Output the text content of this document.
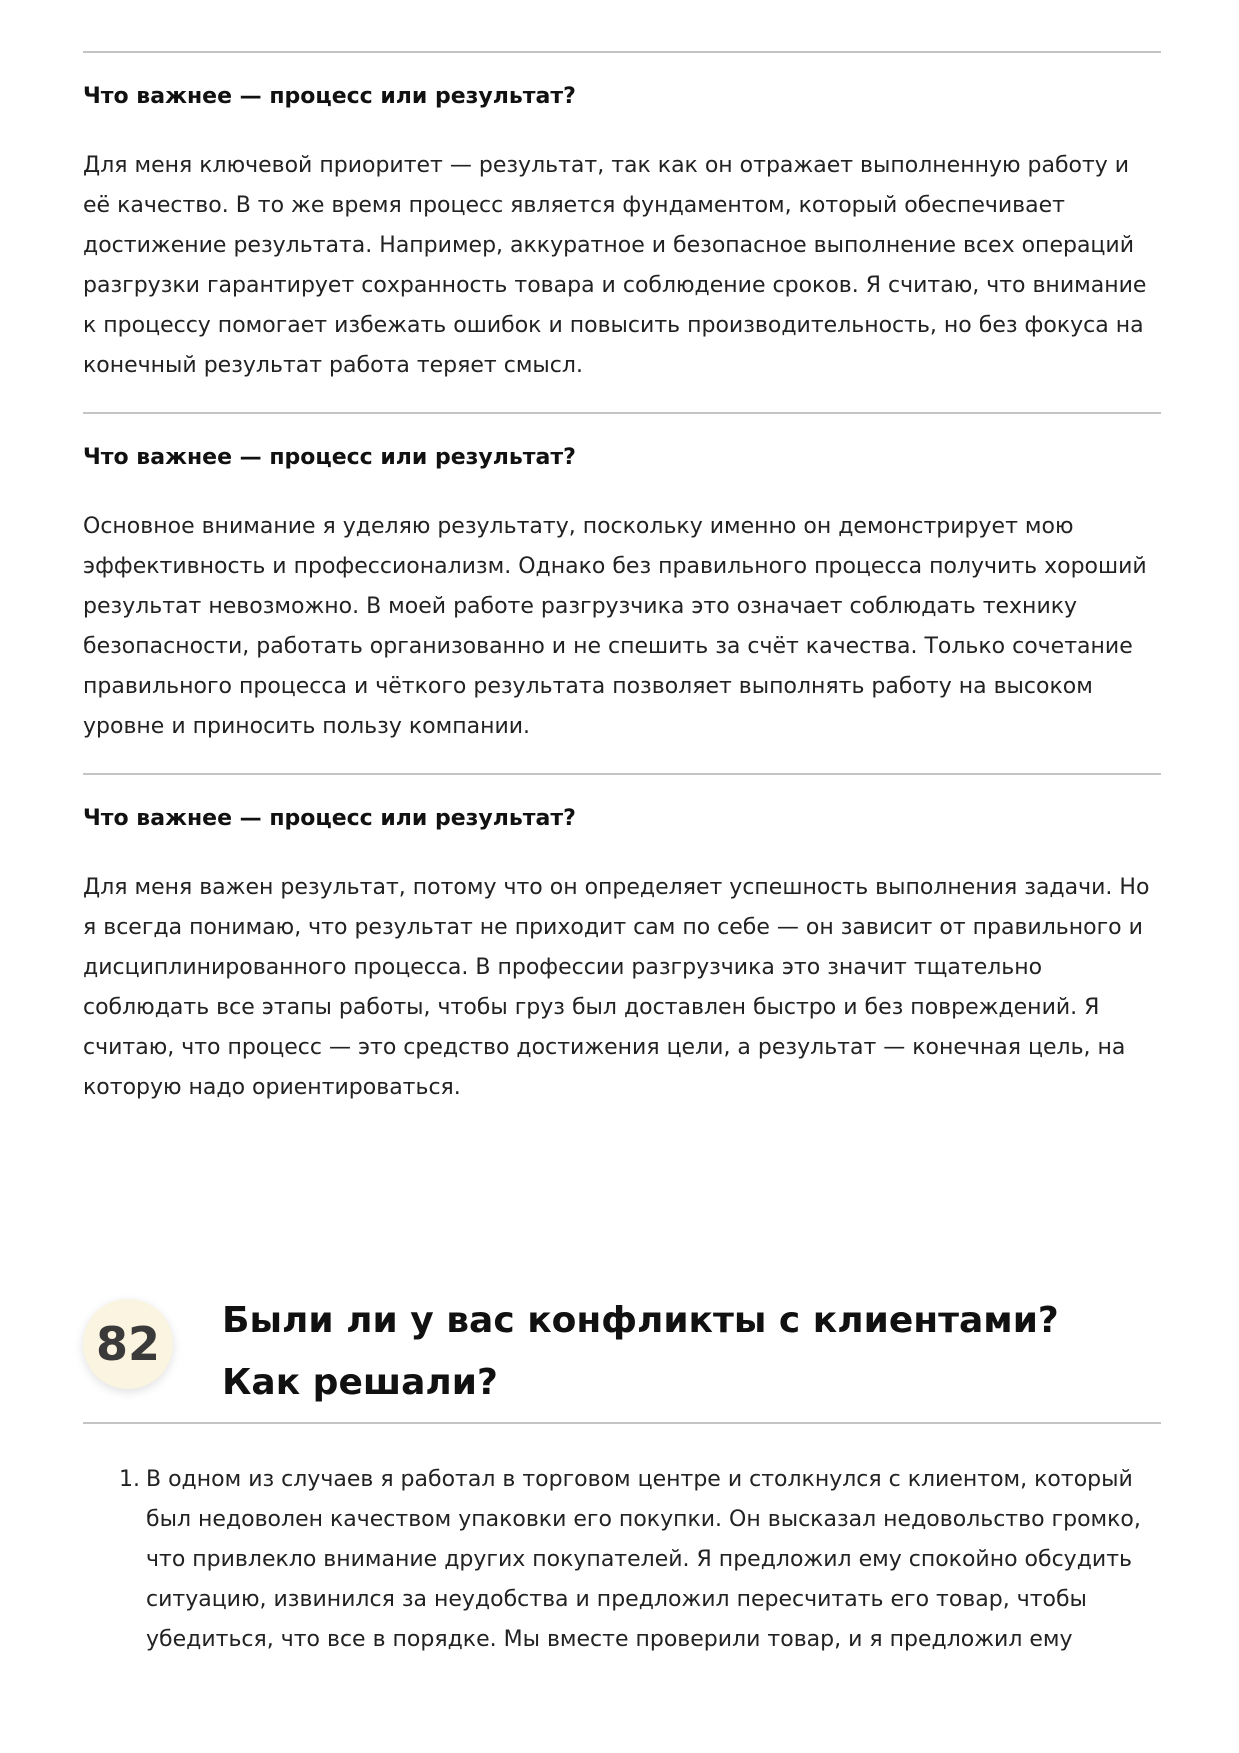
Что важнее — процесс или результат?

Для меня ключевой приоритет — результат, так как он отражает выполненную работу и её качество. В то же время процесс является фундаментом, который обеспечивает достижение результата. Например, аккуратное и безопасное выполнение всех операций разгрузки гарантирует сохранность товара и соблюдение сроков. Я считаю, что внимание к процессу помогает избежать ошибок и повысить производительность, но без фокуса на конечный результат работа теряет смысл.

Что важнее — процесс или результат?

Основное внимание я уделяю результату, поскольку именно он демонстрирует мою эффективность и профессионализм. Однако без правильного процесса получить хороший результат невозможно. В моей работе разгрузчика это означает соблюдать технику безопасности, работать организованно и не спешить за счёт качества. Только сочетание правильного процесса и чёткого результата позволяет выполнять работу на высоком уровне и приносить пользу компании.

Что важнее — процесс или результат?

Для меня важен результат, потому что он определяет успешность выполнения задачи. Но я всегда понимаю, что результат не приходит сам по себе — он зависит от правильного и дисциплинированного процесса. В профессии разгрузчика это значит тщательно соблюдать все этапы работы, чтобы груз был доставлен быстро и без повреждений. Я считаю, что процесс — это средство достижения цели, а результат — конечная цель, на которую надо ориентироваться.

82	Были ли у вас конфликты с клиентами? Как решали?
1. В одном из случаев я работал в торговом центре и столкнулся с клиентом, который был недоволен качеством упаковки его покупки. Он высказал недовольство громко, что привлекло внимание других покупателей. Я предложил ему спокойно обсудить ситуацию, извинился за неудобства и предложил пересчитать его товар, чтобы убедиться, что все в порядке. Мы вместе проверили товар, и я предложил ему
